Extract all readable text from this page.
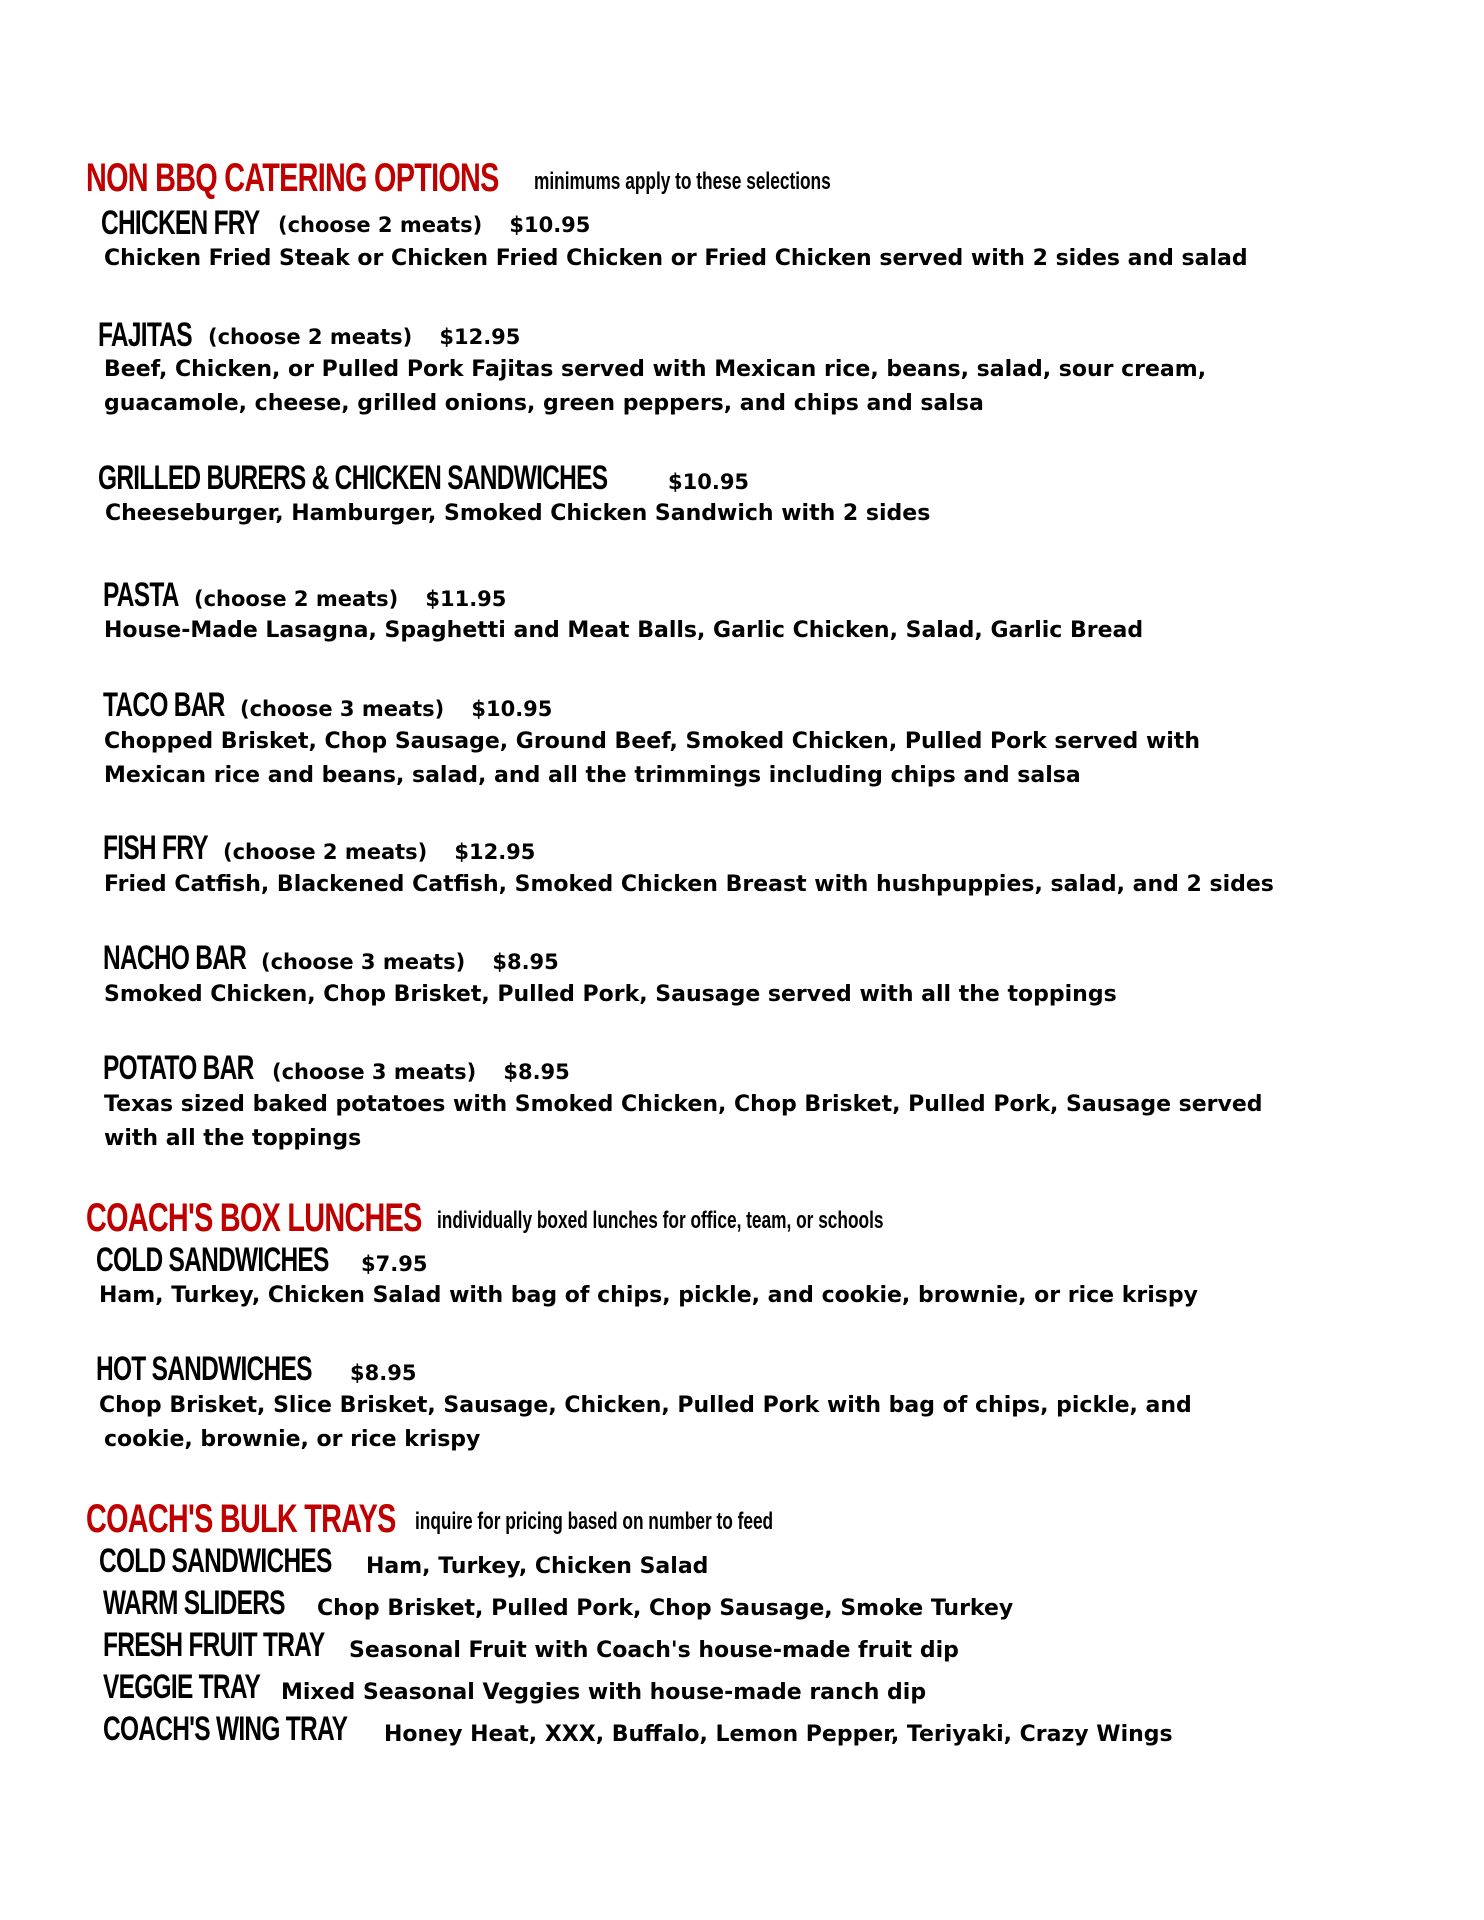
NON BBQ CATERING OPTIONS	minimums apply to these selections
CHICKEN FRY (choose 2 meats) $10.95
Chicken Fried Steak or Chicken Fried Chicken or Fried Chicken served with 2 sides and salad
FAJITAS (choose 2 meats) $12.95
Beef, Chicken, or Pulled Pork Fajitas served with Mexican rice, beans, salad, sour cream,
guacamole, cheese, grilled onions, green peppers, and chips and salsa
GRILLED BURERS & CHICKEN SANDWICHES	$10.95
Cheeseburger, Hamburger, Smoked Chicken Sandwich with 2 sides
PASTA (choose 2 meats) $11.95
House-Made Lasagna, Spaghetti and Meat Balls, Garlic Chicken, Salad, Garlic Bread
TACO BAR (choose 3 meats) $10.95
Chopped Brisket, Chop Sausage, Ground Beef, Smoked Chicken, Pulled Pork served with
Mexican rice and beans, salad, and all the trimmings including chips and salsa
FISH FRY (choose 2 meats) $12.95
Fried Catfish, Blackened Catfish, Smoked Chicken Breast with hushpuppies, salad, and 2 sides
NACHO BAR (choose 3 meats) $8.95
Smoked Chicken, Chop Brisket, Pulled Pork, Sausage served with all the toppings
POTATO BAR (choose 3 meats) $8.95
Texas sized baked potatoes with Smoked Chicken, Chop Brisket, Pulled Pork, Sausage served
with all the toppings
COACH'S BOX LUNCHES individually boxed lunches for office, team, or schools
COLD SANDWICHES	$7.95
Ham, Turkey, Chicken Salad with bag of chips, pickle, and cookie, brownie, or rice krispy
HOT SANDWICHES	$8.95
Chop Brisket, Slice Brisket, Sausage, Chicken, Pulled Pork with bag of chips, pickle, and
cookie, brownie, or rice krispy
COACH'S BULK TRAYS inquire for pricing based on number to feed
COLD SANDWICHES	Ham, Turkey, Chicken Salad
WARM SLIDERS	Chop Brisket, Pulled Pork, Chop Sausage, Smoke Turkey
FRESH FRUIT TRAY	Seasonal Fruit with Coach's house-made fruit dip
VEGGIE TRAY Mixed Seasonal Veggies with house-made ranch dip
COACH'S WING TRAY	Honey Heat, XXX, Buffalo, Lemon Pepper, Teriyaki, Crazy Wings
